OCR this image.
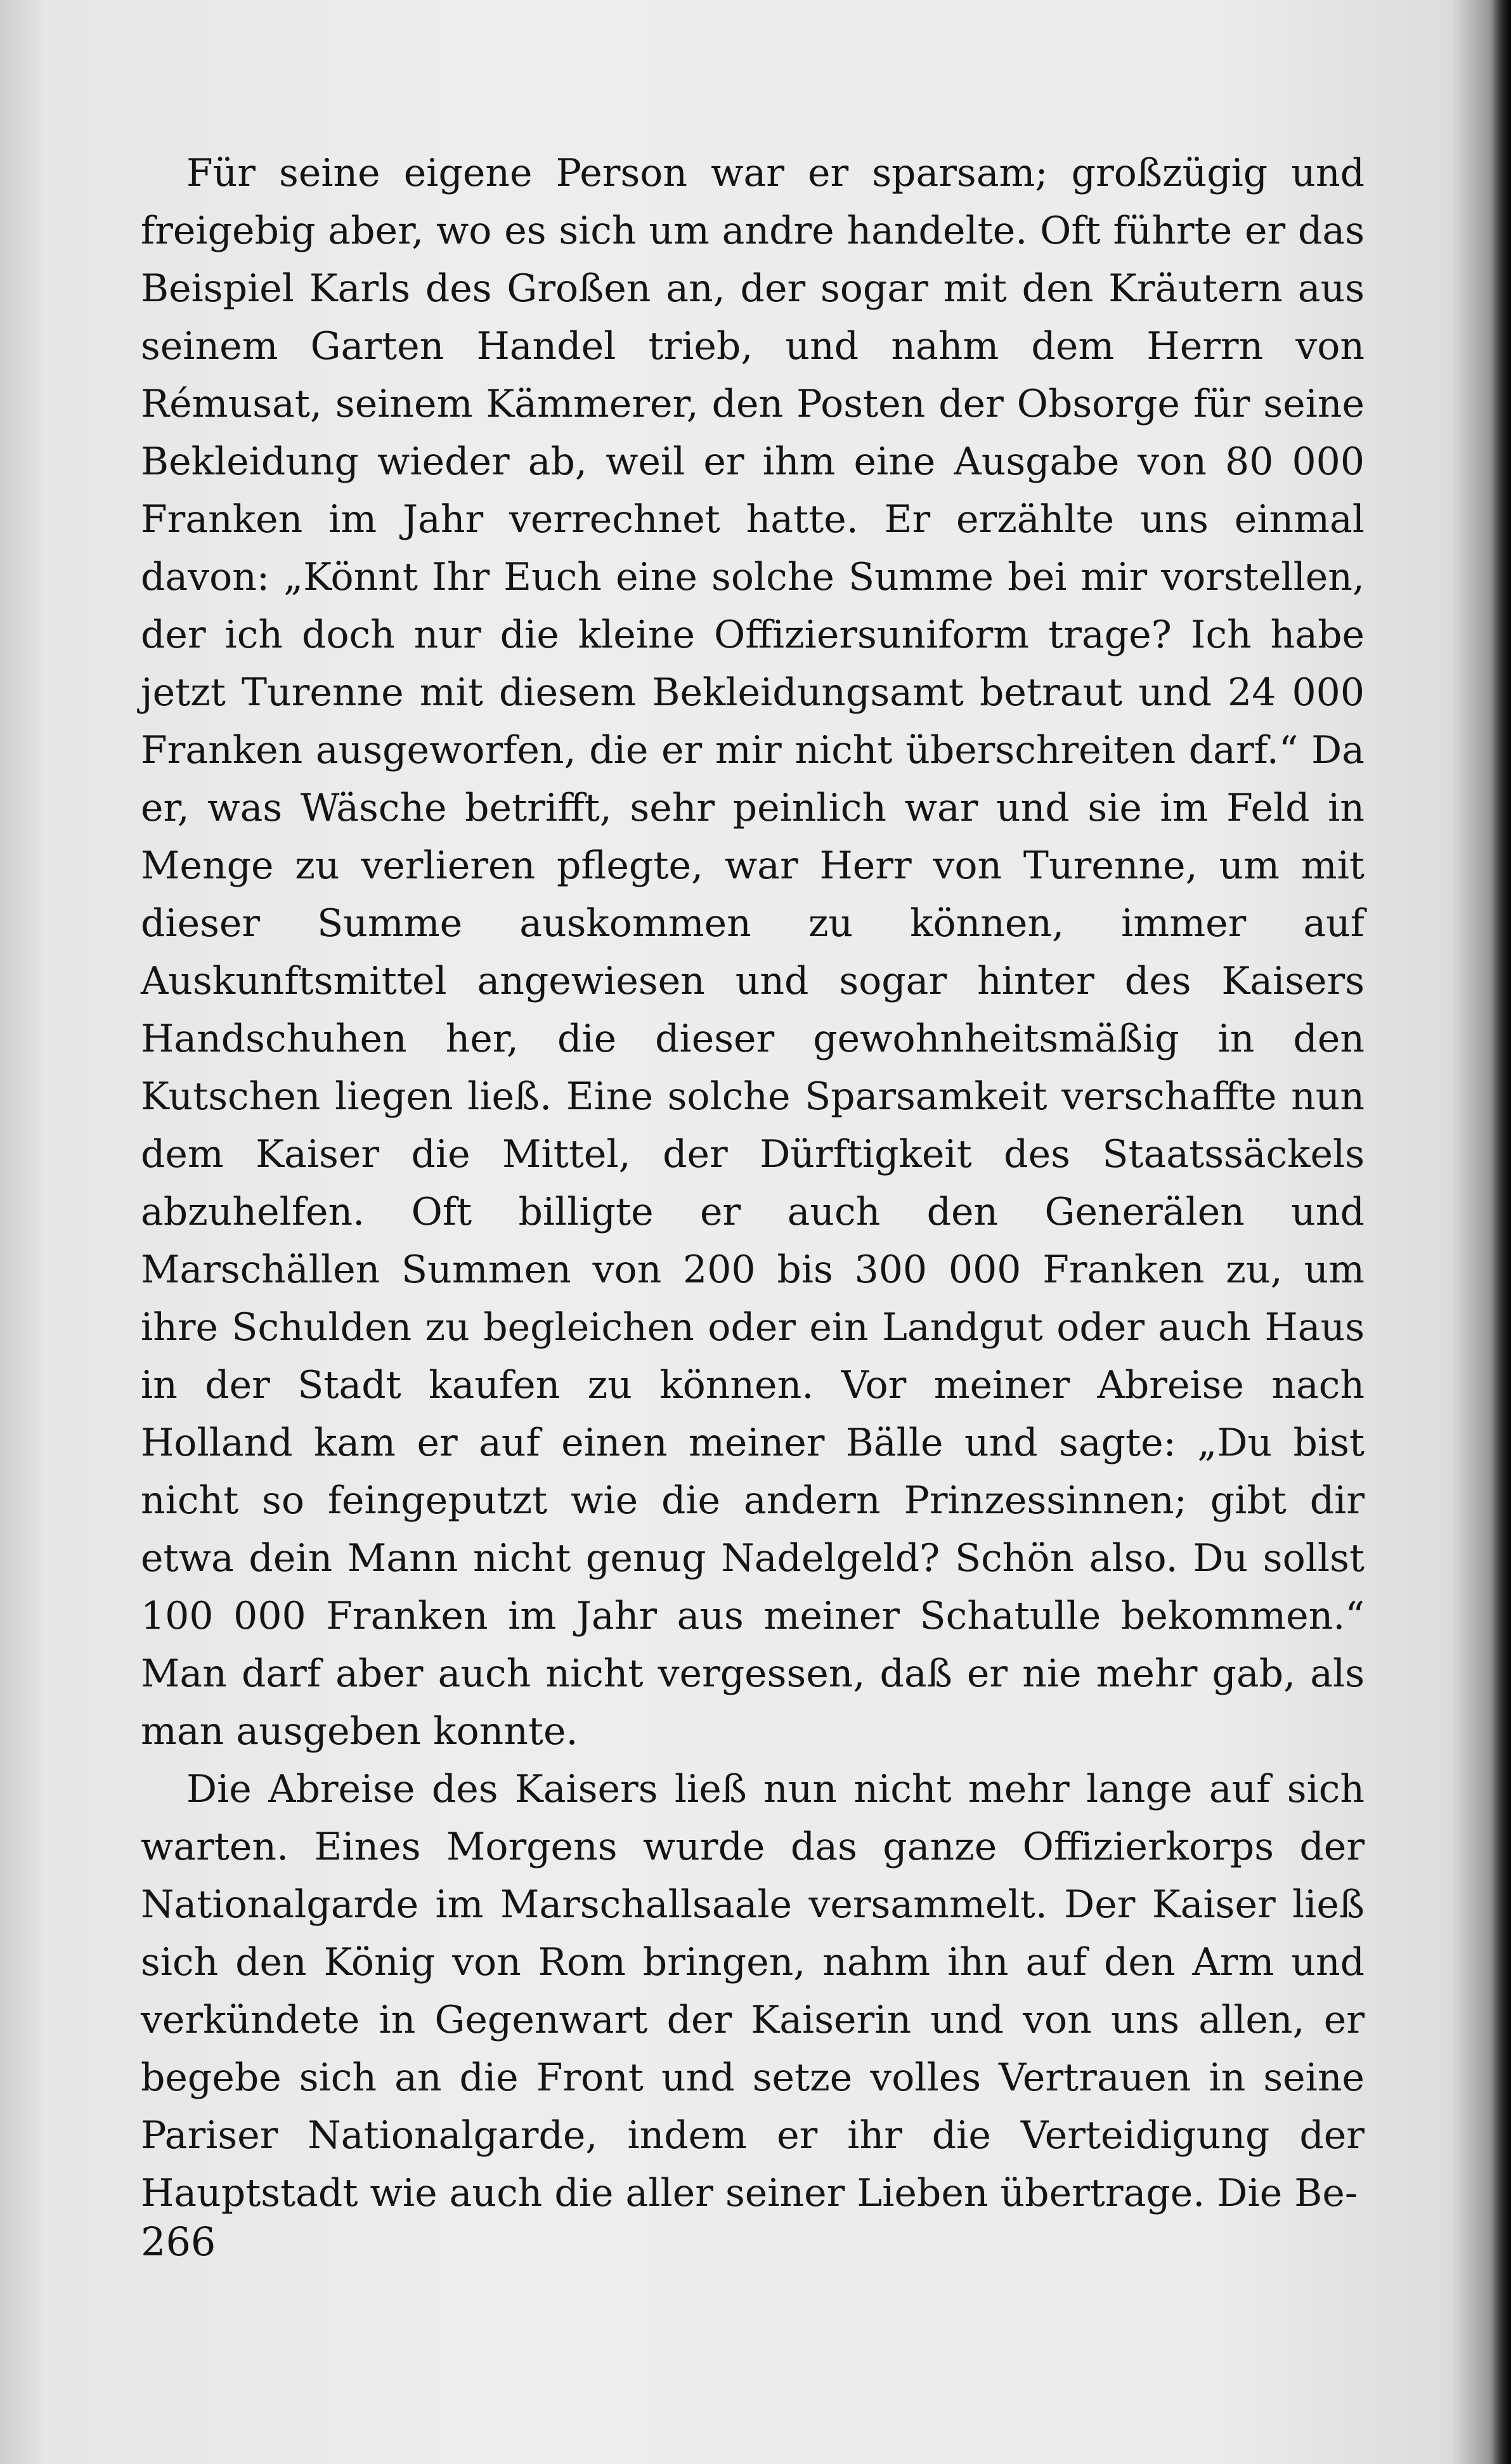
Für seine eigene Person war er sparsam; großzügig und freigebig aber, wo es sich um andre handelte. Oft führte er das Beispiel Karls des Großen an, der sogar mit den Kräutern aus seinem Garten Handel trieb, und nahm dem Herrn von Rémusat, seinem Kämmerer, den Posten der Obsorge für seine Bekleidung wieder ab, weil er ihm eine Ausgabe von 80 000 Franken im Jahr verrechnet hatte. Er erzählte uns einmal davon: „Könnt Ihr Euch eine solche Summe bei mir vorstellen, der ich doch nur die kleine Offiziersuniform trage? Ich habe jetzt Turenne mit diesem Bekleidungsamt betraut und 24 000 Franken ausgeworfen, die er mir nicht überschreiten darf.“ Da er, was Wäsche betrifft, sehr peinlich war und sie im Feld in Menge zu verlieren pflegte, war Herr von Turenne, um mit dieser Summe auskommen zu können, immer auf Auskunftsmittel angewiesen und sogar hinter des Kaisers Handschuhen her, die dieser gewohnheitsmäßig in den Kutschen liegen ließ. Eine solche Sparsamkeit verschaffte nun dem Kaiser die Mittel, der Dürftigkeit des Staatssäckels abzuhelfen. Oft billigte er auch den Generälen und Marschällen Summen von 200 bis 300 000 Franken zu, um ihre Schulden zu begleichen oder ein Landgut oder auch Haus in der Stadt kaufen zu können. Vor meiner Abreise nach Holland kam er auf einen meiner Bälle und sagte: „Du bist nicht so feingeputzt wie die andern Prinzessinnen; gibt dir etwa dein Mann nicht genug Nadelgeld? Schön also. Du sollst 100 000 Franken im Jahr aus meiner Schatulle bekommen.“ Man darf aber auch nicht vergessen, daß er nie mehr gab, als man ausgeben konnte.

Die Abreise des Kaisers ließ nun nicht mehr lange auf sich warten. Eines Morgens wurde das ganze Offizierkorps der Nationalgarde im Marschallsaale versammelt. Der Kaiser ließ sich den König von Rom bringen, nahm ihn auf den Arm und verkündete in Gegenwart der Kaiserin und von uns allen, er begebe sich an die Front und setze volles Vertrauen in seine Pariser Nationalgarde, indem er ihr die Verteidigung der Hauptstadt wie auch die aller seiner Lieben übertrage. Die Be-

266
